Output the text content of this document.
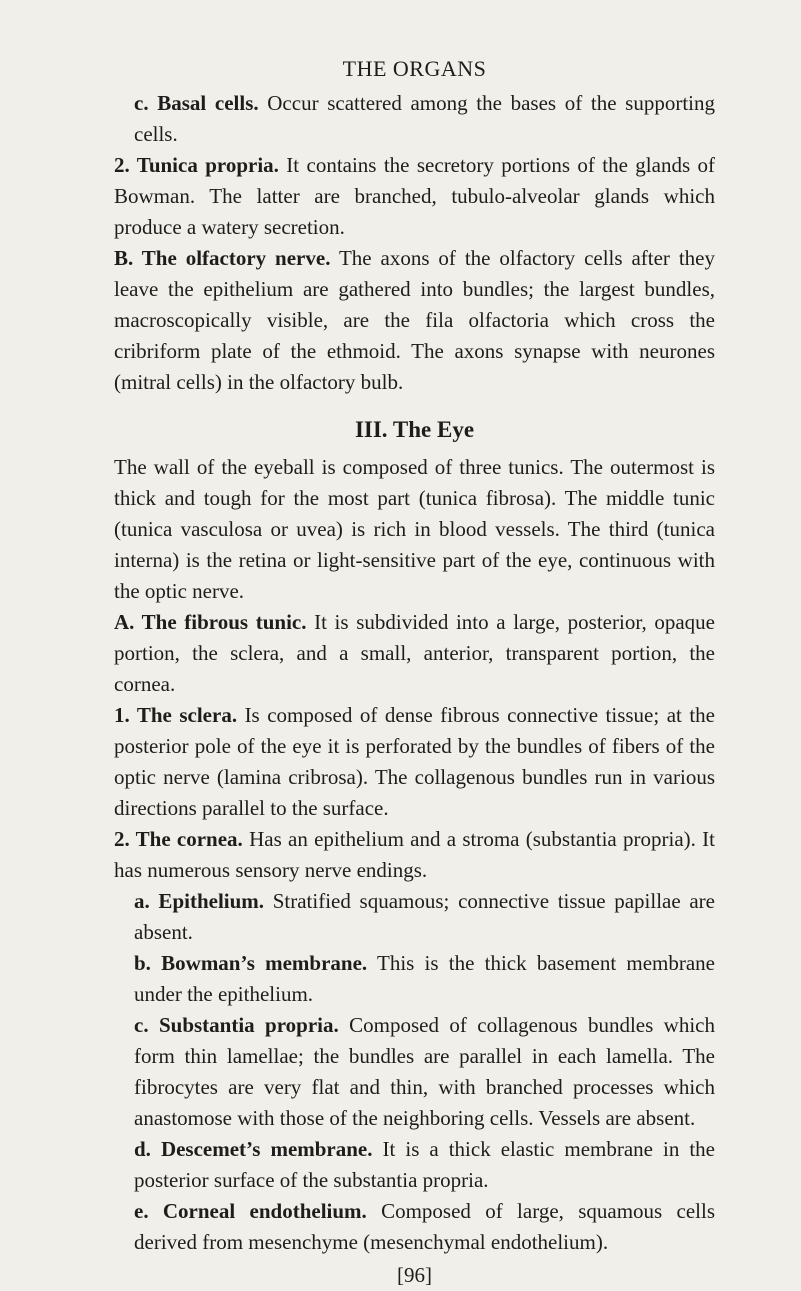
THE ORGANS

c. Basal cells. Occur scattered among the bases of the supporting cells.

2. Tunica propria. It contains the secretory portions of the glands of Bowman. The latter are branched, tubulo-alveolar glands which produce a watery secretion.

B. The olfactory nerve. The axons of the olfactory cells after they leave the epithelium are gathered into bundles; the largest bundles, macroscopically visible, are the fila olfactoria which cross the cribriform plate of the ethmoid. The axons synapse with neurones (mitral cells) in the olfactory bulb.

III. The Eye

The wall of the eyeball is composed of three tunics. The outermost is thick and tough for the most part (tunica fibrosa). The middle tunic (tunica vasculosa or uvea) is rich in blood vessels. The third (tunica interna) is the retina or light-sensitive part of the eye, continuous with the optic nerve.

A. The fibrous tunic. It is subdivided into a large, posterior, opaque portion, the sclera, and a small, anterior, transparent portion, the cornea.

1. The sclera. Is composed of dense fibrous connective tissue; at the posterior pole of the eye it is perforated by the bundles of fibers of the optic nerve (lamina cribrosa). The collagenous bundles run in various directions parallel to the surface.

2. The cornea. Has an epithelium and a stroma (substantia propria). It has numerous sensory nerve endings.

a. Epithelium. Stratified squamous; connective tissue papillae are absent.

b. Bowman’s membrane. This is the thick basement membrane under the epithelium.

c. Substantia propria. Composed of collagenous bundles which form thin lamellae; the bundles are parallel in each lamella. The fibrocytes are very flat and thin, with branched processes which anastomose with those of the neighboring cells. Vessels are absent.

d. Descemet’s membrane. It is a thick elastic membrane in the posterior surface of the substantia propria.

e. Corneal endothelium. Composed of large, squamous cells derived from mesenchyme (mesenchymal endothelium).

[96]
